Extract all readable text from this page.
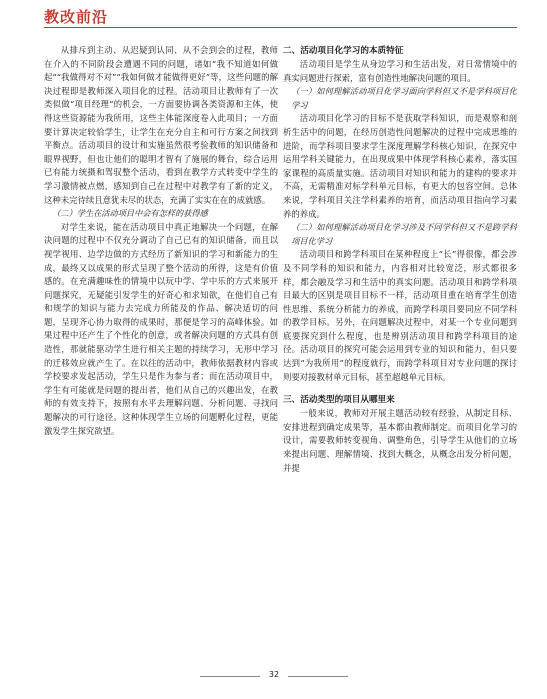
教改前沿

从排斥到主动、从迟疑到认同、从不会到会的过程，教师在介入的不同阶段会遭遇不同的问题，诸如“我不知道如何做起”“我做得对不对”“我如何做才能做得更好”等，这些问题的解决过程即是教师深入项目化的过程。活动项目让教师有了一次类似做“项目经理”的机会，一方面要协调各类资源和主体，使得这些资源能为我所用，这些主体能深度卷入此项目；一方面要计算决定较恰学生，让学生在充分自主和可行方案之间找到平衡点。活动项目的设计和实施虽然很考验教师的知识储备和眼界视野，但也让他们的聪明才智有了施展的舞台，综合运用已有能力统摄和驾驭整个活动，看到在教学方式转变中学生的学习激情被点燃，感知到自己在过程中对教学有了新的定义，这种未完待续且意犹未尽的状态，充满了实实在在的成就感。

（二）学生在活动项目中会有怎样的获得感

对学生来说，能在活动项目中真正地解决一个问题，在解决问题的过程中不仅充分调动了自己已有的知识储备，而且以视学视用、边学边做的方式经历了新知识的学习和新能力的生成，最终又以成果的形式呈现了整个活动的所得，这是有价值感的。在充满趣味性的情境中以玩中学、学中乐的方式来展开问题探究，无疑能引发学生的好奇心和求知欲，在他们自己有和规学的知识与能力去完成力所能及的作品、解决适切的问题，呈现齐心协力取得的成果时，那便是学习的高峰体验。如果过程中还产生了个性化的创意，或者解决问题的方式具有创造性，那就能驱动学生进行相关主题的持续学习，无形中学习的迁移效应就产生了。在以往的活动中，教师依据教材内容或学校要求发起活动，学生只是作为参与者；而在活动项目中，学生有可能就是问题的提出者，他们从自己的兴趣出发，在教师的有效支持下，按照有水平去理解问题、分析问题、寻找问题解决的可行途径。这种体现学生立场的问题孵化过程，更能激发学生探究欲望。

二、活动项目化学习的本质特征

活动项目是学生从身边学习和生活出发，对日常情境中的真实问题进行探索，富有创造性地解决问题的项目。

（一）如何理解活动项目化学习面向学科但又不是学科项目化学习

活动项目化学习的目标不是获取学科知识，而是观察和剖析生活中的问题，在经历创造性问题解决的过程中完成思维的进阶，而学科项目要求学生深度理解学科核心知识，在探究中运用学科关键能力，在出现成果中体现学科核心素养，落实国家课程的高质量实施。活动项目对知识和能力的建构的要求并不高，无需精准对标学科单元目标，有更大的包容空间。总体来说，学科项目关注学科素养的培育，而活动项目指向学习素养的养成。

（二）如何理解活动项目化学习涉及不同学科但又不是跨学科项目化学习

活动项目和跨学科项目在某种程度上“长”得很像，都会涉及不同学科的知识和能力，内容相对比较宽泛，形式都很多样，都会融及学习和生活中的真实问题。活动项目和跨学科项目最大的区别是项目目标不一样，活动项目重在培育学生创造性思维、系统分析能力的养成，而跨学科项目要同应不同学科的教学目标。另外，在问题解决过程中，对某一个专业问题到底要探究到什么程度，也是辨别活动项目和跨学科项目的途径。活动项目的探究可能会运用到专业的知识和能力，但只要达到“为我所用”的程度就行，而跨学科项目对专业问题的探讨则要对接教材单元目标，甚至超越单元目标。

三、活动类型的项目从哪里来

一般来说，教师对开展主题活动较有经验，从制定目标、安排进程到确定成果等，基本都由教师制定。而项目化学习的设计，需要教师转变视角、调整角色，引导学生从他们的立场来提出问题、理解情境、找到大概念，从概念出发分析问题，并提

32
